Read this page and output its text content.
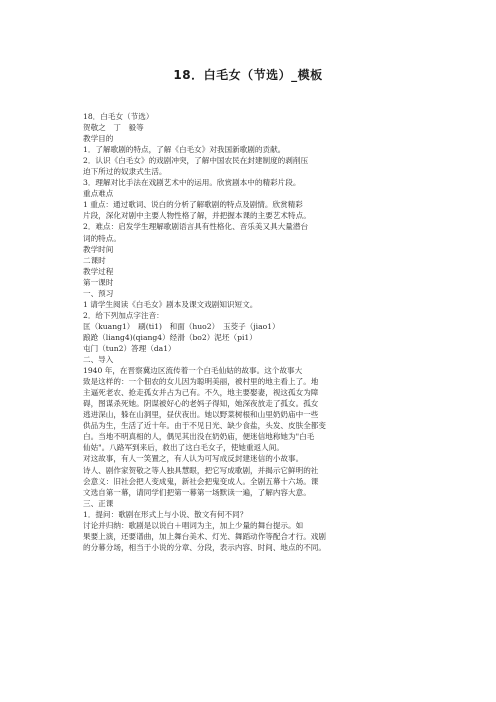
18．白毛女（节选）_模板
18．白毛女（节选）
贺敬之　丁　毅等
教学目的
1．了解歌剧的特点，了解《白毛女》对我国新歌剧的贡献。
2．认识《白毛女》的戏剧冲突，了解中国农民在封建制度的剥削压
迫下所过的奴隶式生活。
3．理解对比手法在戏剧艺术中的运用。欣赏剧本中的精彩片段。
重点难点
1 重点：通过歌词、说白的分析了解歌剧的特点及剧情。欣赏精彩
片段，深化对剧中主要人物性格了解，并把握本课的主要艺术特点。
2．难点：启发学生理解歌剧语言具有性格化、音乐美又具大量潜台
词的特点。
教学时间
二课时
教学过程
第一课时
一、预习
1 请学生阅读《白毛女》剧本及课文戏剧知识短文。
2．给下列加点字注音：
匡（kuang1）　刷(ti1)　和面（huo2）　玉茭子（jiao1）
踉跄（liang4)(qiang4）经滑（bo2）泥坯（pi1）
屯门（tun2）答理（da1）
二、导入
1940 年，在晋察冀边区流传着一个白毛仙姑的故事。这个故事大
致是这样的：一个佃农的女儿因为聪明美丽，被村里的地主看上了。地
主逼死老农、抢走孤女并占为己有。不久，地主要娶妻，视这孤女为障
碍，图谋杀死她。阴谋被好心的老妈子得知，她深夜放走了孤女。孤女
逃进深山，躲在山洞里，昼伏夜出。她以野菜树根和山里奶奶庙中一些
供品为生，生活了近十年。由于不见日光、缺少食盐，头发、皮肤全都变
白。当地不明真相的人，偶见其出没在奶奶庙，便迷信地称她为"白毛
仙姑"。八路军到来后，救出了这白毛女子，使她重返人间。
对这故事，有人一笑置之，有人认为可写成反封建迷信的小故事。
诗人、剧作家贺敬之等人独具慧眼，把它写成歌剧，并揭示它鲜明的社
会意义：旧社会把人变成鬼，新社会把鬼变成人。全剧五幕十六场。课
文选自第一幕，请同学们把第一幕第一场默读一遍，了解内容大意。
三、正课
1．提问：歌剧在形式上与小说、散文有何不同？
讨论并归纳：歌剧是以说白＋唱词为主，加上少量的舞台提示。如
果要上演，还要谱曲，加上舞台美术、灯光、舞蹈动作等配合才行。戏剧
的分幕分场，相当于小说的分章、分段，表示内容、时间、地点的不同。
